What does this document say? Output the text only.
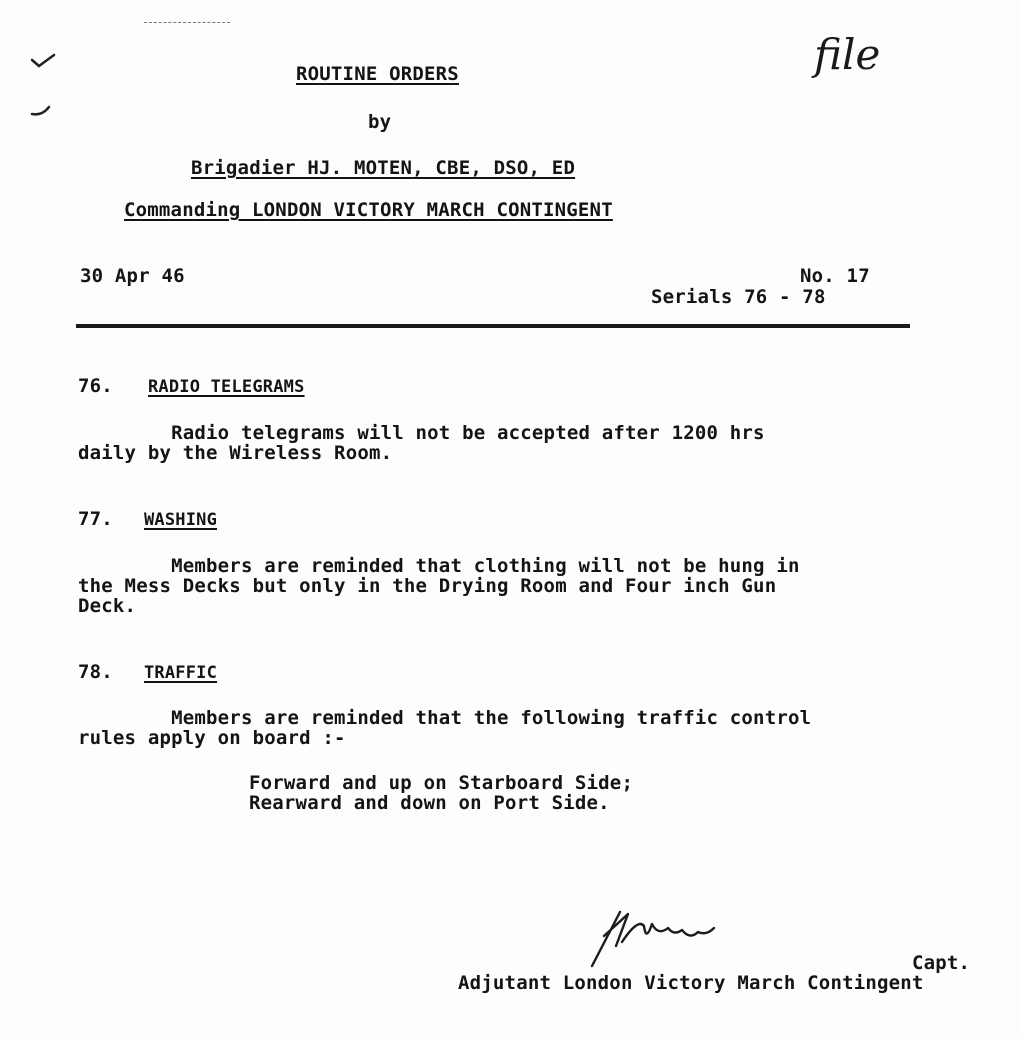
file
ROUTINE ORDERS
by
Brigadier HJ. MOTEN, CBE, DSO, ED
Commanding LONDON VICTORY MARCH CONTINGENT
30 Apr 46	No. 17
Serials 76 - 78
76. RADIO TELEGRAMS
Radio telegrams will not be accepted after 1200 hrs
daily by the Wireless Room.
77. WASHING
Members are reminded that clothing will not be hung in
the Mess Decks but only in the Drying Room and Four inch Gun
Deck.
78. TRAFFIC
Members are reminded that the following traffic control
rules apply on board :-
Forward and up on Starboard Side;
Rearward and down on Port Side.
Capt.
Adjutant London Victory March Contingent
